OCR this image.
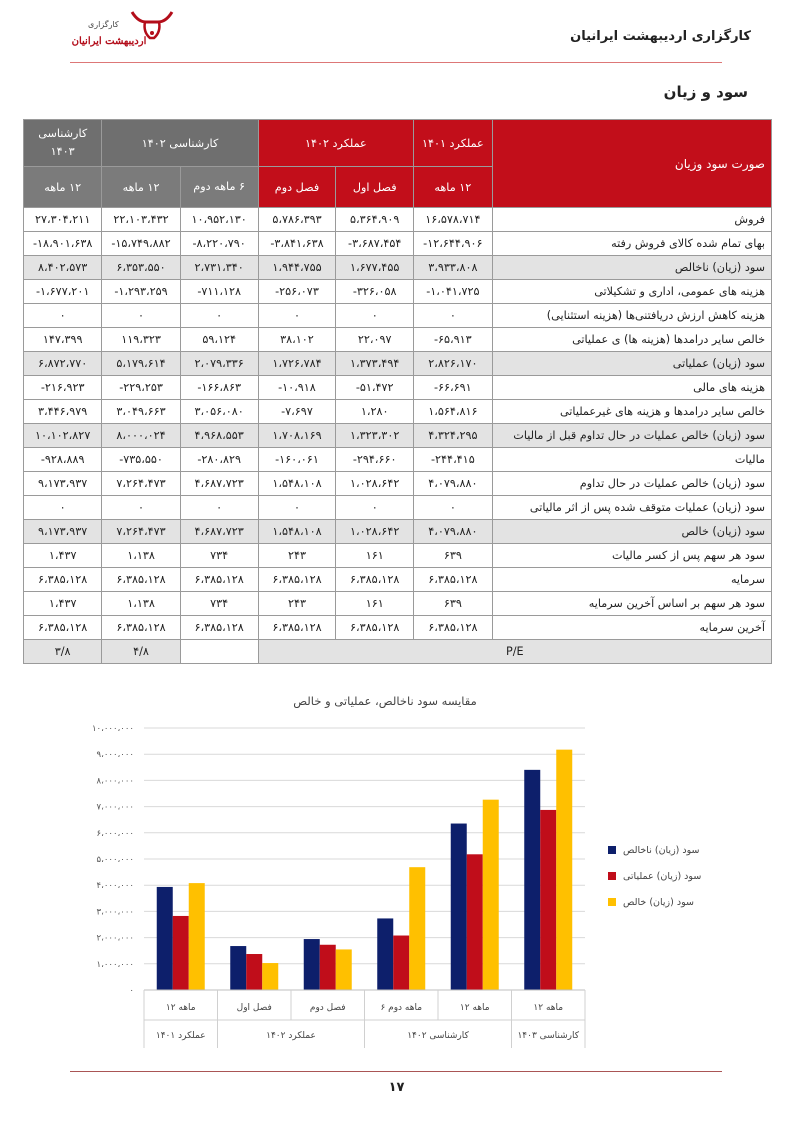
کارگزاری
اردیبهشت ایرانیان	کارگزاری اردیبهشت ایرانیان
سود و زیان
صورت سود وزیان	عملکرد ۱۴۰۱	عملکرد ۱۴۰۲		کارشناسی ۱۴۰۲		کارشناسی ۱۴۰۳
	۱۲ ماهه	فصل اول	فصل دوم	۶ ماهه دوم	۱۲ ماهه	۱۲ ماهه
فروش	۱۶،۵۷۸،۷۱۴	۵،۳۶۴،۹۰۹	۵،۷۸۶،۳۹۳	۱۰،۹۵۲،۱۳۰	۲۲،۱۰۳،۴۳۲	۲۷،۳۰۴،۲۱۱
بهای تمام شده کالای فروش رفته	-۱۲،۶۴۴،۹۰۶	-۳،۶۸۷،۴۵۴	-۳،۸۴۱،۶۳۸	-۸،۲۲۰،۷۹۰	-۱۵،۷۴۹،۸۸۲	-۱۸،۹۰۱،۶۳۸
سود (زیان) ناخالص	۳،۹۳۳،۸۰۸	۱،۶۷۷،۴۵۵	۱،۹۴۴،۷۵۵	۲،۷۳۱،۳۴۰	۶،۳۵۳،۵۵۰	۸،۴۰۲،۵۷۳
هزینه های عمومی، اداری و تشکیلاتی	-۱،۰۴۱،۷۲۵	-۳۲۶،۰۵۸	-۲۵۶،۰۷۳	-۷۱۱،۱۲۸	-۱،۲۹۳،۲۵۹	-۱،۶۷۷،۲۰۱
هزینه کاهش ارزش دریافتنی‌ها (هزینه استثنایی)	۰	۰	۰	۰	۰	۰
خالص سایر درامدها (هزینه ها) ی عملیاتی	-۶۵،۹۱۳	۲۲،۰۹۷	۳۸،۱۰۲	۵۹،۱۲۴	۱۱۹،۳۲۳	۱۴۷،۳۹۹
سود (زیان) عملیاتی	۲،۸۲۶،۱۷۰	۱،۳۷۳،۴۹۴	۱،۷۲۶،۷۸۴	۲،۰۷۹،۳۳۶	۵،۱۷۹،۶۱۴	۶،۸۷۲،۷۷۰
هزینه های مالی	-۶۶،۶۹۱	-۵۱،۴۷۲	-۱۰،۹۱۸	-۱۶۶،۸۶۳	-۲۲۹،۲۵۳	-۲۱۶،۹۲۳
خالص سایر درامدها و هزینه های غیرعملیاتی	۱،۵۶۴،۸۱۶	۱،۲۸۰	-۷،۶۹۷	۳،۰۵۶،۰۸۰	۳،۰۴۹،۶۶۳	۳،۴۴۶،۹۷۹
سود (زیان) خالص عملیات در حال تداوم قبل از مالیات	۴،۳۲۴،۲۹۵	۱،۳۲۳،۳۰۲	۱،۷۰۸،۱۶۹	۴،۹۶۸،۵۵۳	۸،۰۰۰،۰۲۴	۱۰،۱۰۲،۸۲۷
مالیات	-۲۴۴،۴۱۵	-۲۹۴،۶۶۰	-۱۶۰،۰۶۱	-۲۸۰،۸۲۹	-۷۳۵،۵۵۰	-۹۲۸،۸۸۹
سود (زیان) خالص عملیات در حال تداوم	۴،۰۷۹،۸۸۰	۱،۰۲۸،۶۴۲	۱،۵۴۸،۱۰۸	۴،۶۸۷،۷۲۳	۷،۲۶۴،۴۷۳	۹،۱۷۳،۹۳۷
سود (زیان) عملیات متوقف شده پس از اثر مالیاتی	۰	۰	۰	۰	۰	۰
سود (زیان) خالص	۴،۰۷۹،۸۸۰	۱،۰۲۸،۶۴۲	۱،۵۴۸،۱۰۸	۴،۶۸۷،۷۲۳	۷،۲۶۴،۴۷۳	۹،۱۷۳،۹۳۷
سود هر سهم پس از کسر مالیات	۶۳۹	۱۶۱	۲۴۳	۷۳۴	۱،۱۳۸	۱،۴۳۷
سرمایه	۶،۳۸۵،۱۲۸	۶،۳۸۵،۱۲۸	۶،۳۸۵،۱۲۸	۶،۳۸۵،۱۲۸	۶،۳۸۵،۱۲۸	۶،۳۸۵،۱۲۸
سود هر سهم بر اساس آخرین سرمایه	۶۳۹	۱۶۱	۲۴۳	۷۳۴	۱،۱۳۸	۱،۴۳۷
آخرین سرمایه	۶،۳۸۵،۱۲۸	۶،۳۸۵،۱۲۸	۶،۳۸۵،۱۲۸	۶،۳۸۵،۱۲۸	۶،۳۸۵،۱۲۸	۶،۳۸۵،۱۲۸
P/E					۴/۸	۳/۸
مقایسه سود ناخالص، عملیاتی و خالص
۰
۱،۰۰۰،۰۰۰
۲،۰۰۰،۰۰۰
۳،۰۰۰،۰۰۰
۴،۰۰۰،۰۰۰
۵،۰۰۰،۰۰۰
۶،۰۰۰،۰۰۰
۷،۰۰۰،۰۰۰
۸،۰۰۰،۰۰۰
۹،۰۰۰،۰۰۰
۱۰،۰۰۰،۰۰۰
۱۲ ماهه	فصل اول	فصل دوم	۶ ماهه دوم	۱۲ ماهه	۱۲ ماهه
عملکرد ۱۴۰۱	عملکرد ۱۴۰۲	کارشناسی ۱۴۰۲	کارشناسی ۱۴۰۳
سود (زیان) ناخالص
سود (زیان) عملیاتی
سود (زیان) خالص
۱۷
